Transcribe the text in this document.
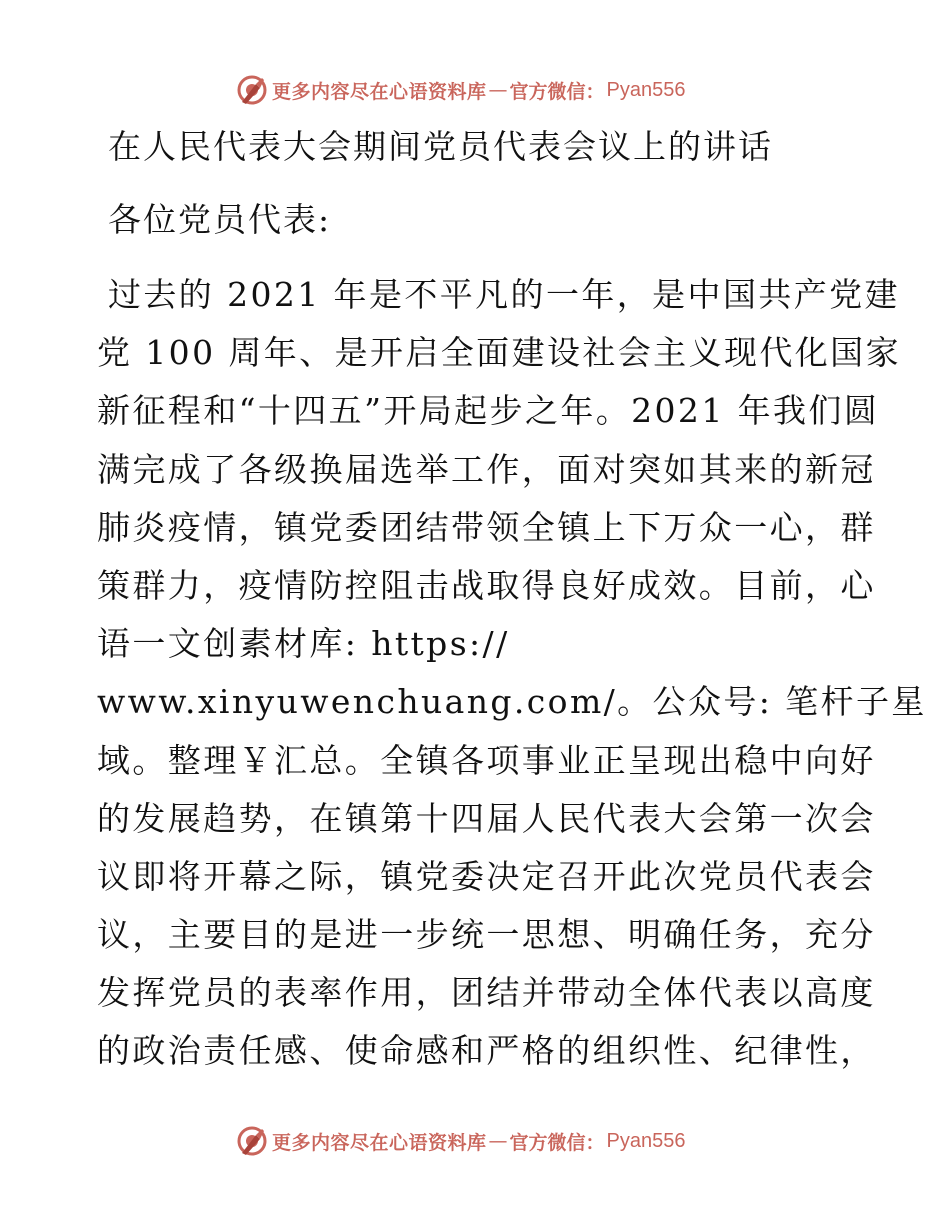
更多内容尽在心语资料库 — 官方微信： Pyan556
在人民代表大会期间党员代表会议上的讲话
各位党员代表:
过去的 2021 年是不平凡的一年，是中国共产党建
党 100 周年、是开启全面建设社会主义现代化国家
新征程和“十四五”开局起步之年。2021 年我们圆
满完成了各级换届选举工作，面对突如其来的新冠
肺炎疫情，镇党委团结带领全镇上下万众一心，群
策群力，疫情防控阻击战取得良好成效。目前，心
语一文创素材库: https://
www.xinyuwenchuang.com/。公众号: 笔杆子星
域。整理￥汇总。全镇各项事业正呈现出稳中向好
的发展趋势，在镇第十四届人民代表大会第一次会
议即将开幕之际，镇党委决定召开此次党员代表会
议，主要目的是进一步统一思想、明确任务，充分
发挥党员的表率作用，团结并带动全体代表以高度
的政治责任感、使命感和严格的组织性、纪律性，
更多内容尽在心语资料库 — 官方微信： Pyan556
